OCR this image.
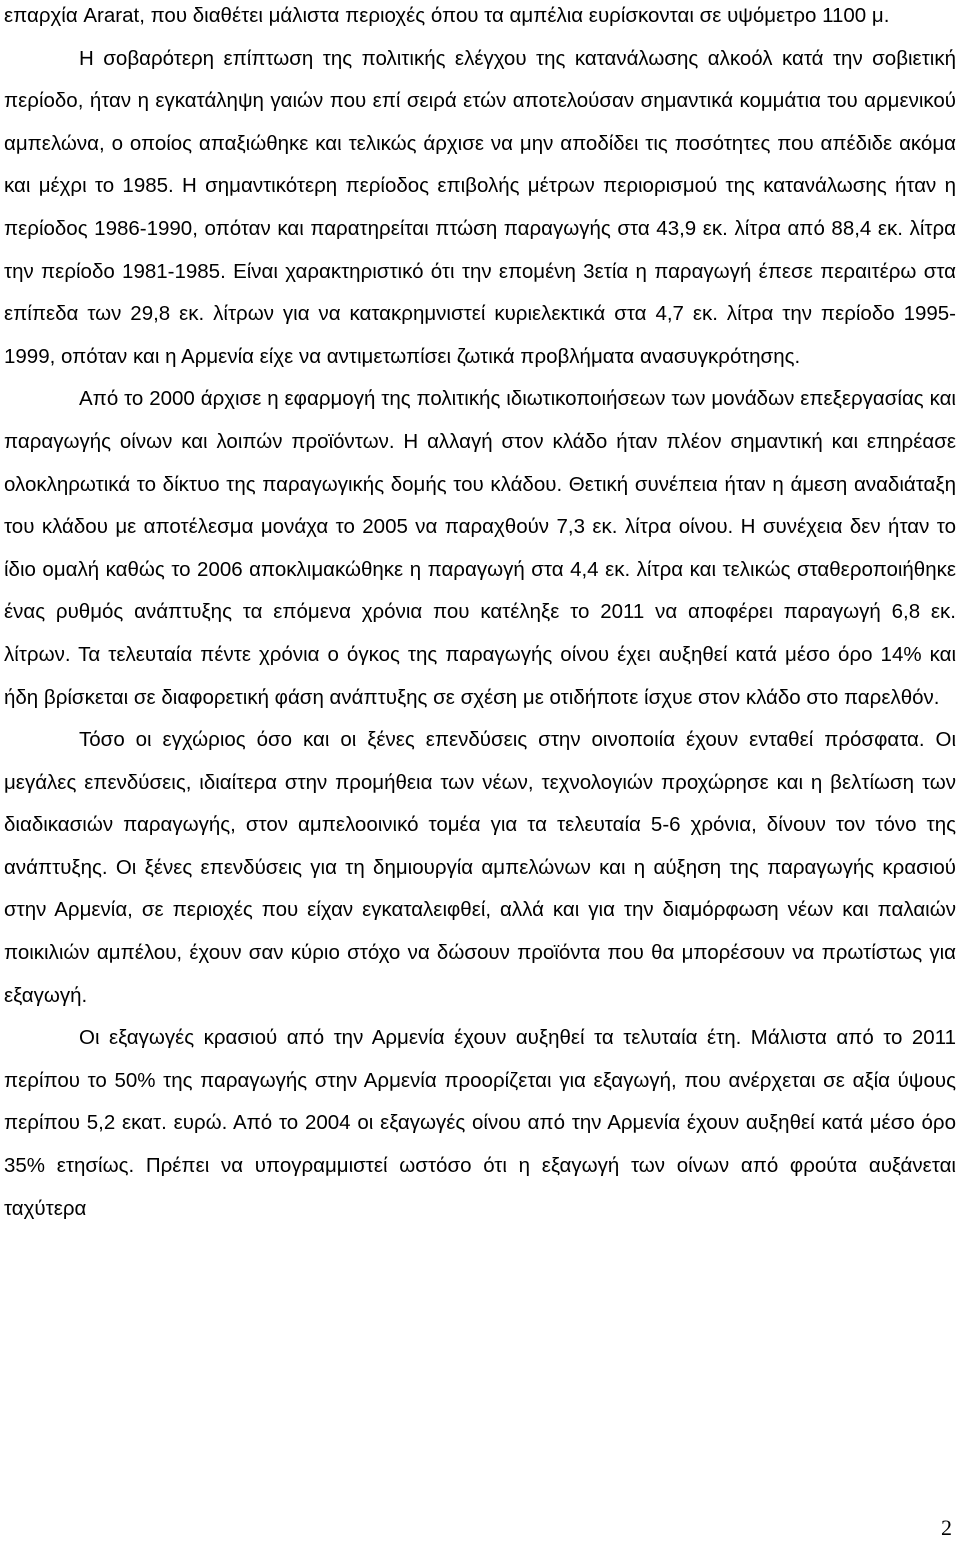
επαρχία Ararat, που διαθέτει μάλιστα περιοχές όπου τα αμπέλια ευρίσκονται σε υψόμετρο 1100 μ.

Η σοβαρότερη επίπτωση της πολιτικής ελέγχου της κατανάλωσης αλκοόλ κατά την σοβιετική περίοδο, ήταν η εγκατάληψη γαιών που επί σειρά ετών αποτελούσαν σημαντικά κομμάτια του αρμενικού αμπελώνα, ο οποίος απαξιώθηκε και τελικώς άρχισε να μην αποδίδει τις ποσότητες που απέδιδε ακόμα και μέχρι το 1985. Η σημαντικότερη περίοδος επιβολής μέτρων περιορισμού της κατανάλωσης ήταν η περίοδος 1986-1990, οπόταν και παρατηρείται πτώση παραγωγής στα 43,9 εκ. λίτρα από 88,4 εκ. λίτρα την περίοδο 1981-1985. Είναι χαρακτηριστικό ότι την επομένη 3ετία η παραγωγή έπεσε περαιτέρω στα επίπεδα των 29,8 εκ. λίτρων για να κατακρημνιστεί κυριελεκτικά στα 4,7 εκ. λίτρα την περίοδο 1995-1999, οπόταν και η Αρμενία είχε να αντιμετωπίσει ζωτικά προβλήματα ανασυγκρότησης.

Από το 2000 άρχισε η εφαρμογή της πολιτικής ιδιωτικοποιήσεων των μονάδων επεξεργασίας και παραγωγής οίνων και λοιπών προϊόντων. Η αλλαγή στον κλάδο ήταν πλέον σημαντική και επηρέασε ολοκληρωτικά το δίκτυο της παραγωγικής δομής του κλάδου. Θετική συνέπεια ήταν η άμεση αναδιάταξη του κλάδου με αποτέλεσμα μονάχα το 2005 να παραχθούν 7,3 εκ. λίτρα οίνου. Η συνέχεια δεν ήταν το ίδιο ομαλή καθώς το 2006 αποκλιμακώθηκε η παραγωγή στα 4,4 εκ. λίτρα και τελικώς σταθεροποιήθηκε ένας ρυθμός ανάπτυξης τα επόμενα χρόνια που κατέληξε το 2011 να αποφέρει παραγωγή 6,8 εκ. λίτρων. Τα τελευταία πέντε χρόνια ο όγκος της παραγωγής οίνου έχει αυξηθεί κατά μέσο όρο 14% και ήδη βρίσκεται σε διαφορετική φάση ανάπτυξης σε σχέση με οτιδήποτε ίσχυε στον κλάδο στο παρελθόν.

Τόσο οι εγχώριος όσο και οι ξένες επενδύσεις στην οινοποιία έχουν ενταθεί πρόσφατα. Οι μεγάλες επενδύσεις, ιδιαίτερα στην προμήθεια των νέων, τεχνολογιών προχώρησε και η βελτίωση των διαδικασιών παραγωγής, στον αμπελοοινικό τομέα για τα τελευταία 5-6 χρόνια, δίνουν τον τόνο της ανάπτυξης. Οι ξένες επενδύσεις για τη δημιουργία αμπελώνων και η αύξηση της παραγωγής κρασιού στην Αρμενία, σε περιοχές που είχαν εγκαταλειφθεί, αλλά και για την διαμόρφωση νέων και παλαιών ποικιλιών αμπέλου, έχουν σαν κύριο στόχο να δώσουν προϊόντα που θα μπορέσουν να πρωτίστως για εξαγωγή.

Οι εξαγωγές κρασιού από την Αρμενία έχουν αυξηθεί τα τελυταία έτη. Μάλιστα από το 2011 περίπου το 50% της παραγωγής στην Αρμενία προορίζεται για εξαγωγή, που ανέρχεται σε αξία ύψους περίπου 5,2 εκατ. ευρώ. Από το 2004 οι εξαγωγές οίνου από την Αρμενία έχουν αυξηθεί κατά μέσο όρο 35% ετησίως. Πρέπει να υπογραμμιστεί ωστόσο ότι η εξαγωγή των οίνων από φρούτα αυξάνεται ταχύτερα

2
